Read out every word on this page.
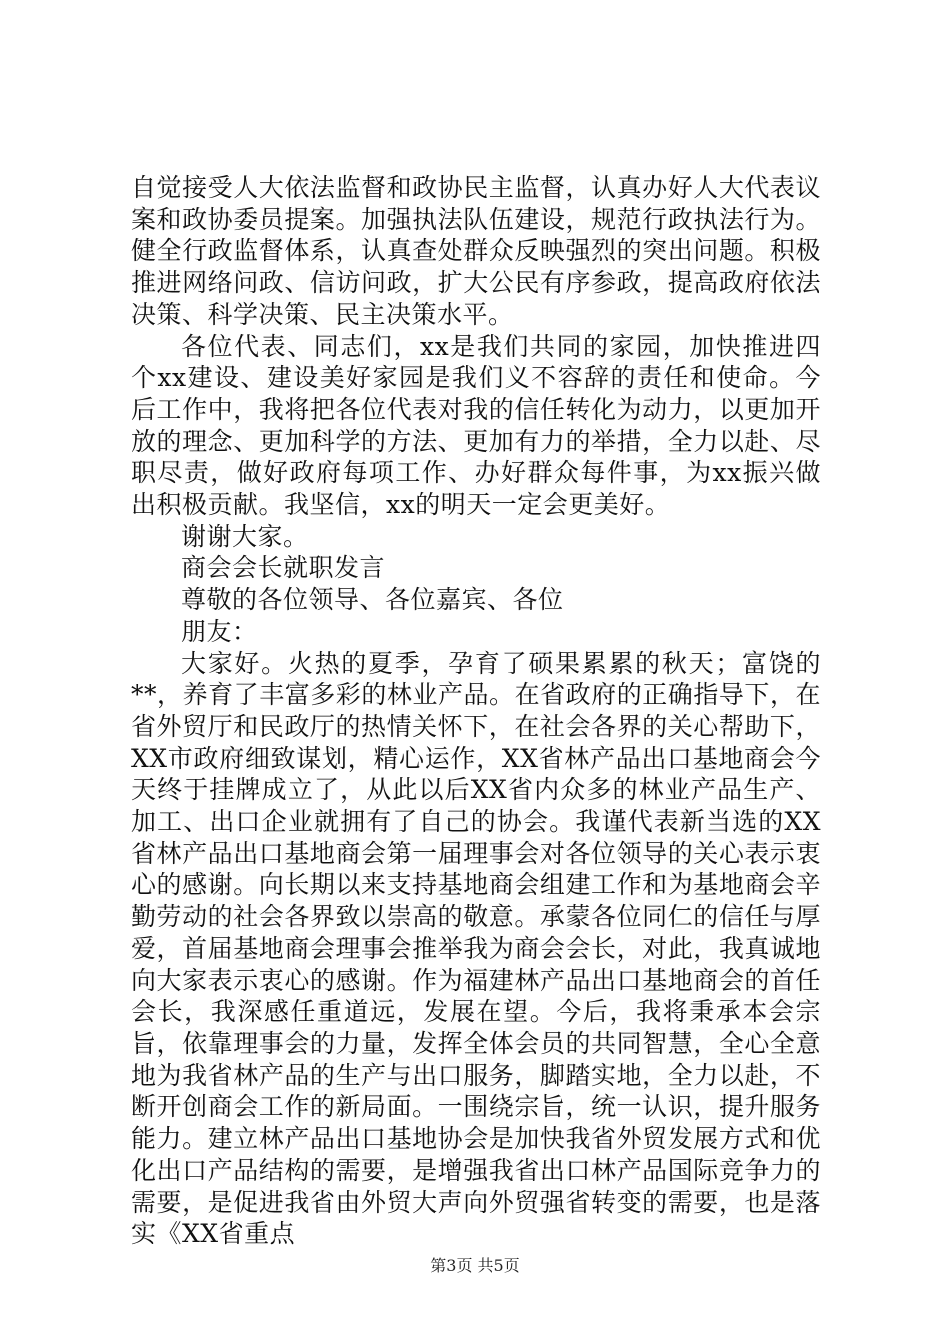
自觉接受人大依法监督和政协民主监督，认真办好人大代表议案和政协委员提案。加强执法队伍建设，规范行政执法行为。健全行政监督体系，认真查处群众反映强烈的突出问题。积极推进网络问政、信访问政，扩大公民有序参政，提高政府依法决策、科学决策、民主决策水平。

各位代表、同志们，xx是我们共同的家园，加快推进四个xx建设、建设美好家园是我们义不容辞的责任和使命。今后工作中，我将把各位代表对我的信任转化为动力，以更加开放的理念、更加科学的方法、更加有力的举措，全力以赴、尽职尽责，做好政府每项工作、办好群众每件事，为xx振兴做出积极贡献。我坚信，xx的明天一定会更美好。

谢谢大家。

商会会长就职发言

尊敬的各位领导、各位嘉宾、各位

朋友：

大家好。火热的夏季，孕育了硕果累累的秋天；富饶的**，养育了丰富多彩的林业产品。在省政府的正确指导下，在省外贸厅和民政厅的热情关怀下，在社会各界的关心帮助下，XX市政府细致谋划，精心运作，XX省林产品出口基地商会今天终于挂牌成立了，从此以后XX省内众多的林业产品生产、加工、出口企业就拥有了自己的协会。我谨代表新当选的XX省林产品出口基地商会第一届理事会对各位领导的关心表示衷心的感谢。向长期以来支持基地商会组建工作和为基地商会辛勤劳动的社会各界致以崇高的敬意。承蒙各位同仁的信任与厚爱，首届基地商会理事会推举我为商会会长，对此，我真诚地向大家表示衷心的感谢。作为福建林产品出口基地商会的首任会长，我深感任重道远，发展在望。今后，我将秉承本会宗旨，依靠理事会的力量，发挥全体会员的共同智慧，全心全意地为我省林产品的生产与出口服务，脚踏实地，全力以赴，不断开创商会工作的新局面。一围绕宗旨，统一认识，提升服务能力。建立林产品出口基地协会是加快我省外贸发展方式和优化出口产品结构的需要，是增强我省出口林产品国际竞争力的需要，是促进我省由外贸大声向外贸强省转变的需要，也是落实《XX省重点

第3页 共5页
